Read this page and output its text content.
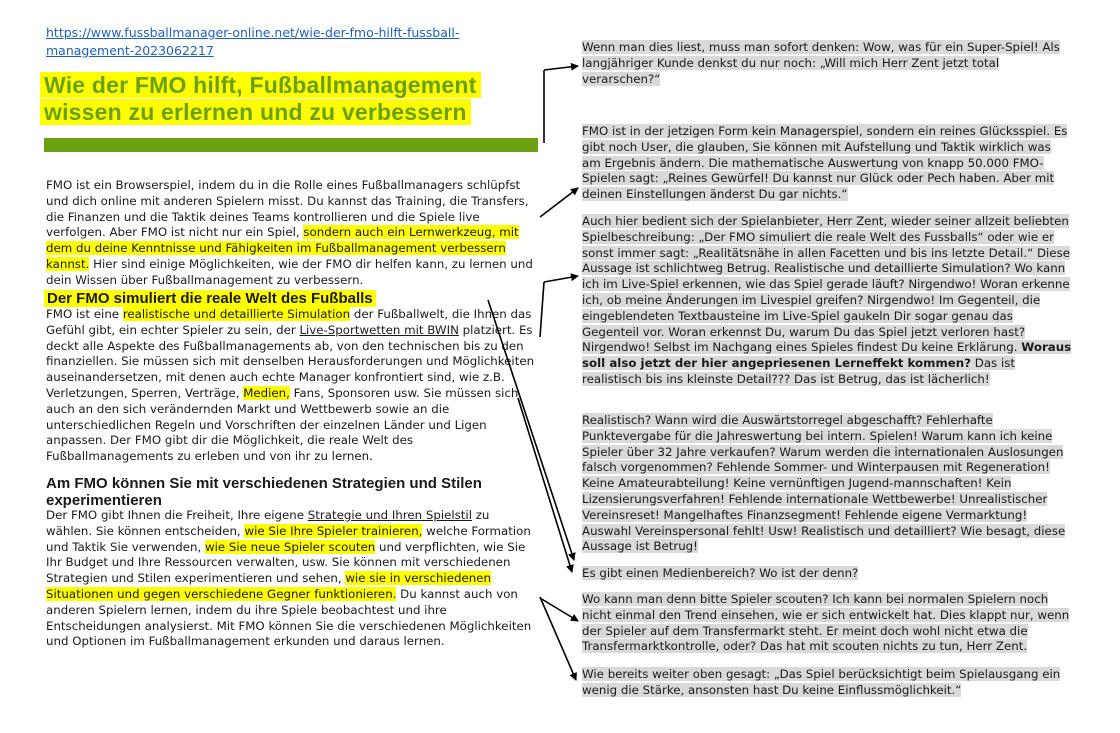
https://www.fussballmanager-online.net/wie-der-fmo-hilft-fussball-management-2023062217
Wie der FMO hilft, Fußballmanagement
wissen zu erlernen und zu verbessern
FMO ist ein Browserspiel, indem du in die Rolle eines Fußballmanagers schlüpfst und dich online mit anderen Spielern misst. Du kannst das Training, die Transfers, die Finanzen und die Taktik deines Teams kontrollieren und die Spiele live verfolgen. Aber FMO ist nicht nur ein Spiel, sondern auch ein Lernwerkzeug, mit dem du deine Kenntnisse und Fähigkeiten im Fußballmanagement verbessern kannst. Hier sind einige Möglichkeiten, wie der FMO dir helfen kann, zu lernen und dein Wissen über Fußballmanagement zu verbessern.
Der FMO simuliert die reale Welt des Fußballs
FMO ist eine realistische und detaillierte Simulation der Fußballwelt, die Ihnen das Gefühl gibt, ein echter Spieler zu sein, der Live-Sportwetten mit BWIN platziert. Es deckt alle Aspekte des Fußballmanagements ab, von den technischen bis zu den finanziellen. Sie müssen sich mit denselben Herausforderungen und Möglichkeiten auseinandersetzen, mit denen auch echte Manager konfrontiert sind, wie z.B. Verletzungen, Sperren, Verträge, Medien, Fans, Sponsoren usw. Sie müssen sich auch an den sich verändernden Markt und Wettbewerb sowie an die unterschiedlichen Regeln und Vorschriften der einzelnen Länder und Ligen anpassen. Der FMO gibt dir die Möglichkeit, die reale Welt des Fußballmanagements zu erleben und von ihr zu lernen.
Am FMO können Sie mit verschiedenen Strategien und Stilen experimentieren
Der FMO gibt Ihnen die Freiheit, Ihre eigene Strategie und Ihren Spielstil zu wählen. Sie können entscheiden, wie Sie Ihre Spieler trainieren, welche Formation und Taktik Sie verwenden, wie Sie neue Spieler scouten und verpflichten, wie Sie Ihr Budget und Ihre Ressourcen verwalten, usw. Sie können mit verschiedenen Strategien und Stilen experimentieren und sehen, wie sie in verschiedenen Situationen und gegen verschiedene Gegner funktionieren. Du kannst auch von anderen Spielern lernen, indem du ihre Spiele beobachtest und ihre Entscheidungen analysierst. Mit FMO können Sie die verschiedenen Möglichkeiten und Optionen im Fußballmanagement erkunden und daraus lernen.
Wenn man dies liest, muss man sofort denken: Wow, was für ein Super-Spiel! Als langjähriger Kunde denkst du nur noch: „Will mich Herr Zent jetzt total verarschen?“
FMO ist in der jetzigen Form kein Managerspiel, sondern ein reines Glücksspiel. Es gibt noch User, die glauben, Sie können mit Aufstellung und Taktik wirklich was am Ergebnis ändern. Die mathematische Auswertung von knapp 50.000 FMO-Spielen sagt: „Reines Gewürfel! Du kannst nur Glück oder Pech haben. Aber mit deinen Einstellungen änderst Du gar nichts.“
Auch hier bedient sich der Spielanbieter, Herr Zent, wieder seiner allzeit beliebten Spielbeschreibung: „Der FMO simuliert die reale Welt des Fussballs“ oder wie er sonst immer sagt: „Realitätsnähe in allen Facetten und bis ins letzte Detail.“ Diese Aussage ist schlichtweg Betrug. Realistische und detaillierte Simulation? Wo kann ich im Live-Spiel erkennen, wie das Spiel gerade läuft? Nirgendwo! Woran erkenne ich, ob meine Änderungen im Livespiel greifen? Nirgendwo! Im Gegenteil, die eingeblendeten Textbausteine im Live-Spiel gaukeln Dir sogar genau das Gegenteil vor. Woran erkennst Du, warum Du das Spiel jetzt verloren hast? Nirgendwo! Selbst im Nachgang eines Spieles findest Du keine Erklärung. Woraus soll also jetzt der hier angepriesenen Lerneffekt kommen? Das ist realistisch bis ins kleinste Detail??? Das ist Betrug, das ist lächerlich!
Realistisch? Wann wird die Auswärtstorregel abgeschafft? Fehlerhafte Punktevergabe für die Jahreswertung bei intern. Spielen! Warum kann ich keine Spieler über 32 Jahre verkaufen? Warum werden die internationalen Auslosungen falsch vorgenommen? Fehlende Sommer- und Winterpausen mit Regeneration! Keine Amateurabteilung! Keine vernünftigen Jugend-mannschaften! Kein Lizensierungsverfahren! Fehlende internationale Wettbewerbe! Unrealistischer Vereinsreset! Mangelhaftes Finanzsegment! Fehlende eigene Vermarktung! Auswahl Vereinspersonal fehlt! Usw! Realistisch und detailliert? Wie besagt, diese Aussage ist Betrug!
Es gibt einen Medienbereich? Wo ist der denn?
Wo kann man denn bitte Spieler scouten? Ich kann bei normalen Spielern noch nicht einmal den Trend einsehen, wie er sich entwickelt hat. Dies klappt nur, wenn der Spieler auf dem Transfermarkt steht. Er meint doch wohl nicht etwa die Transfermarktkontrolle, oder? Das hat mit scouten nichts zu tun, Herr Zent.
Wie bereits weiter oben gesagt: „Das Spiel berücksichtigt beim Spielausgang ein wenig die Stärke, ansonsten hast Du keine Einflussmöglichkeit.“
